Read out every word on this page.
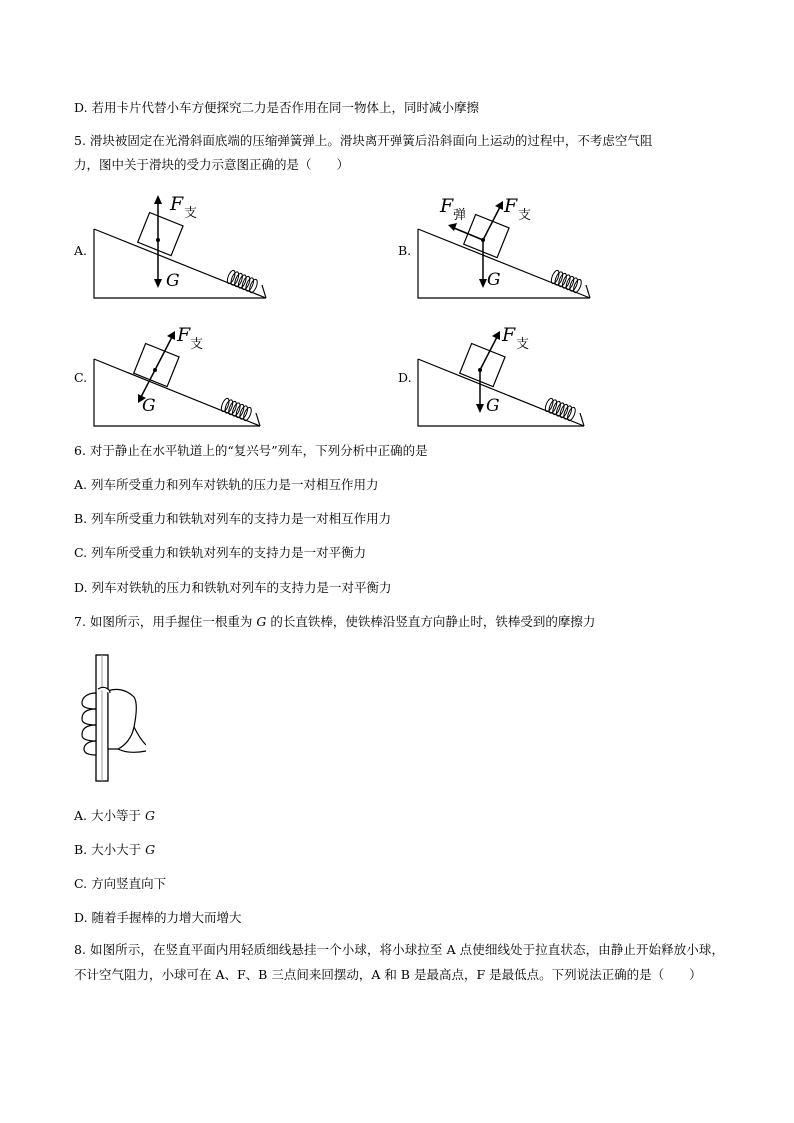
D. 若用卡片代替小车方便探究二力是否作用在同一物体上，同时减小摩擦
5. 滑块被固定在光滑斜面底端的压缩弹簧弹上。滑块离开弹簧后沿斜面向上运动的过程中，不考虑空气阻
力，图中关于滑块的受力示意图正确的是（　　）
A.
F 支
G
B.
F 弹 F 支
G
C.
F 支
G
D.
F 支
G
6. 对于静止在水平轨道上的“复兴号”列车，下列分析中正确的是
A. 列车所受重力和列车对铁轨的压力是一对相互作用力
B. 列车所受重力和铁轨对列车的支持力是一对相互作用力
C. 列车所受重力和铁轨对列车的支持力是一对平衡力
D. 列车对铁轨的压力和铁轨对列车的支持力是一对平衡力
7. 如图所示，用手握住一根重为 G 的长直铁棒，使铁棒沿竖直方向静止时，铁棒受到的摩擦力
A. 大小等于 G
B. 大小大于 G
C. 方向竖直向下
D. 随着手握棒的力增大而增大
8. 如图所示，在竖直平面内用轻质细线悬挂一个小球，将小球拉至 A 点使细线处于拉直状态，由静止开始释放小球，不计空气阻力，小球可在 A、F、B 三点间来回摆动，A 和 B 是最高点，F 是最低点。下列说法正确的是（　　）
